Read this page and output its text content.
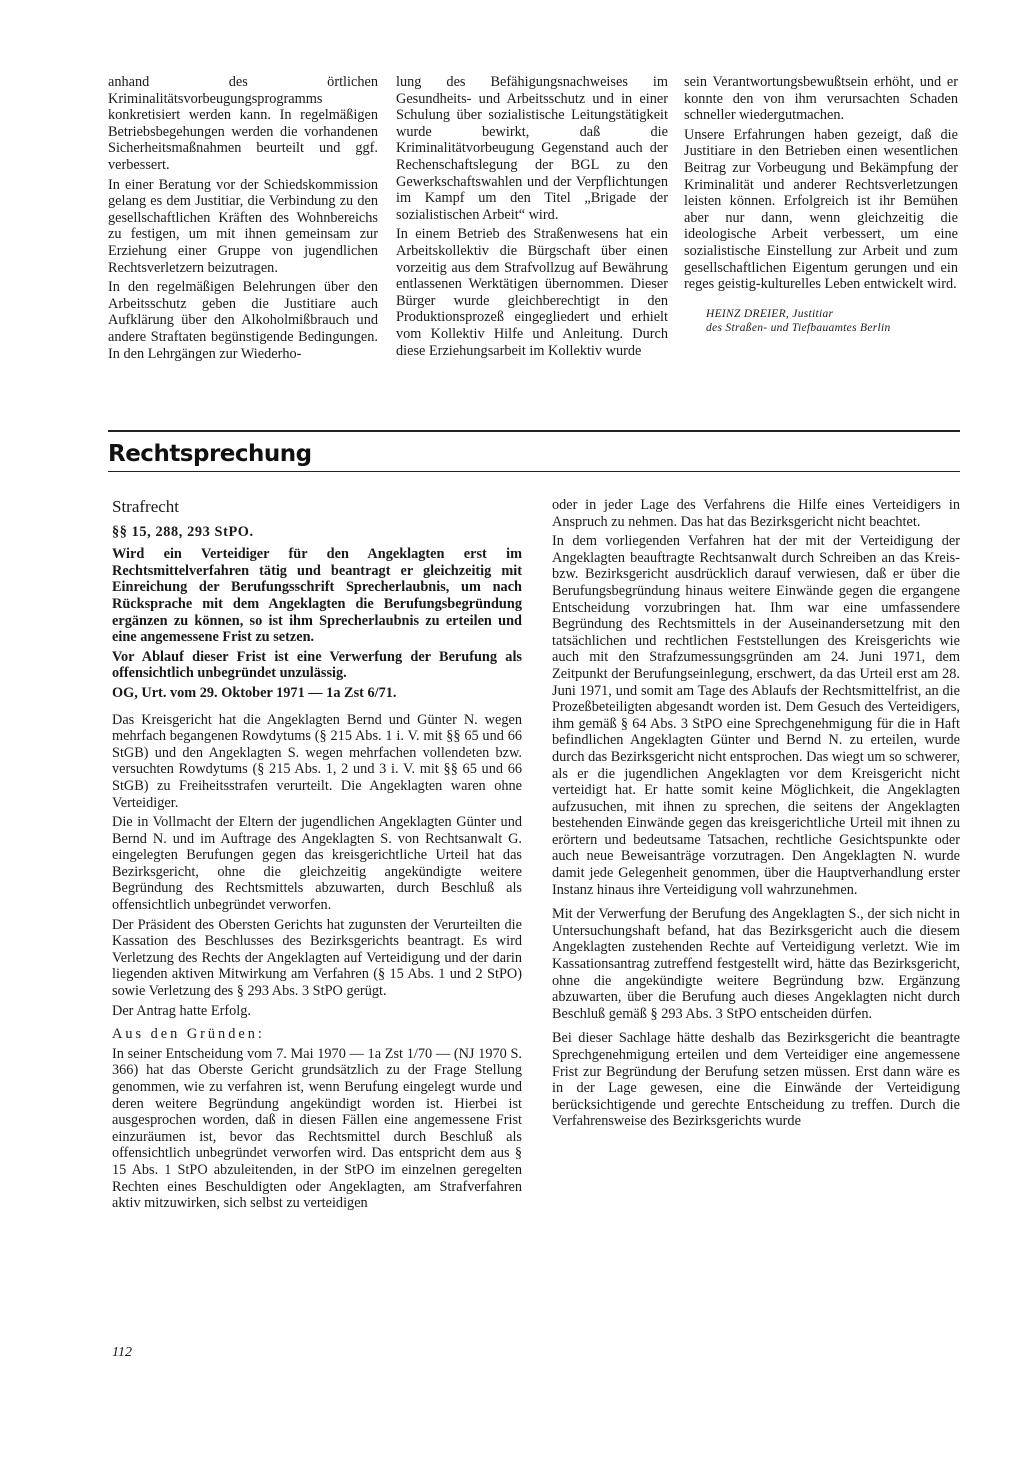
anhand des örtlichen Kriminalitätsvorbeugungsprogramms konkretisiert werden kann. In regelmäßigen Betriebsbegehungen werden die vorhandenen Sicherheitsmaßnahmen beurteilt und ggf. verbessert.

In einer Beratung vor der Schiedskommission gelang es dem Justitiar, die Verbindung zu den gesellschaftlichen Kräften des Wohnbereichs zu festigen, um mit ihnen gemeinsam zur Erziehung einer Gruppe von jugendlichen Rechtsverletzern beizutragen.

In den regelmäßigen Belehrungen über den Arbeitsschutz geben die Justitiare auch Aufklärung über den Alkoholmißbrauch und andere Straftaten begünstigende Bedingungen. In den Lehrgängen zur Wiederho-

lung des Befähigungsnachweises im Gesundheits- und Arbeitsschutz und in einer Schulung über sozialistische Leitungstätigkeit wurde bewirkt, daß die Kriminalitätvorbeugung Gegenstand auch der Rechenschaftslegung der BGL zu den Gewerkschaftswahlen und der Verpflichtungen im Kampf um den Titel „Brigade der sozialistischen Arbeit“ wird.

In einem Betrieb des Straßenwesens hat ein Arbeitskollektiv die Bürgschaft über einen vorzeitig aus dem Strafvollzug auf Bewährung entlassenen Werktätigen übernommen. Dieser Bürger wurde gleichberechtigt in den Produktionsprozeß eingegliedert und erhielt vom Kollektiv Hilfe und Anleitung. Durch diese Erziehungsarbeit im Kollektiv wurde

sein Verantwortungsbewußtsein erhöht, und er konnte den von ihm verursachten Schaden schneller wiedergutmachen.

Unsere Erfahrungen haben gezeigt, daß die Justitiare in den Betrieben einen wesentlichen Beitrag zur Vorbeugung und Bekämpfung der Kriminalität und anderer Rechtsverletzungen leisten können. Erfolgreich ist ihr Bemühen aber nur dann, wenn gleichzeitig die ideologische Arbeit verbessert, um eine sozialistische Einstellung zur Arbeit und zum gesellschaftlichen Eigentum gerungen und ein reges geistig-kulturelles Leben entwickelt wird.

HEINZ DREIER, Justitiar
des Straßen- und Tiefbauamtes Berlin

Rechtsprechung

Strafrecht

§§ 15, 288, 293 StPO.

Wird ein Verteidiger für den Angeklagten erst im Rechtsmittelverfahren tätig und beantragt er gleichzeitig mit Einreichung der Berufungsschrift Sprecherlaubnis, um nach Rücksprache mit dem Angeklagten die Berufungsbegründung ergänzen zu können, so ist ihm Sprecherlaubnis zu erteilen und eine angemessene Frist zu setzen.

Vor Ablauf dieser Frist ist eine Verwerfung der Berufung als offensichtlich unbegründet unzulässig.

OG, Urt. vom 29. Oktober 1971 — 1a Zst 6/71.

Das Kreisgericht hat die Angeklagten Bernd und Günter N. wegen mehrfach begangenen Rowdytums (§ 215 Abs. 1 i. V. mit §§ 65 und 66 StGB) und den Angeklagten S. wegen mehrfachen vollendeten bzw. versuchten Rowdytums (§ 215 Abs. 1, 2 und 3 i. V. mit §§ 65 und 66 StGB) zu Freiheitsstrafen verurteilt. Die Angeklagten waren ohne Verteidiger.

Die in Vollmacht der Eltern der jugendlichen Angeklagten Günter und Bernd N. und im Auftrage des Angeklagten S. von Rechtsanwalt G. eingelegten Berufungen gegen das kreisgerichtliche Urteil hat das Bezirksgericht, ohne die gleichzeitig angekündigte weitere Begründung des Rechtsmittels abzuwarten, durch Beschluß als offensichtlich unbegründet verworfen.

Der Präsident des Obersten Gerichts hat zugunsten der Verurteilten die Kassation des Beschlusses des Bezirksgerichts beantragt. Es wird Verletzung des Rechts der Angeklagten auf Verteidigung und der darin liegenden aktiven Mitwirkung am Verfahren (§ 15 Abs. 1 und 2 StPO) sowie Verletzung des § 293 Abs. 3 StPO gerügt.

Der Antrag hatte Erfolg.

Aus den Gründen:

In seiner Entscheidung vom 7. Mai 1970 — 1a Zst 1/70 — (NJ 1970 S. 366) hat das Oberste Gericht grundsätzlich zu der Frage Stellung genommen, wie zu verfahren ist, wenn Berufung eingelegt wurde und deren weitere Begründung angekündigt worden ist. Hierbei ist ausgesprochen worden, daß in diesen Fällen eine angemessene Frist einzuräumen ist, bevor das Rechtsmittel durch Beschluß als offensichtlich unbegründet verworfen wird. Das entspricht dem aus § 15 Abs. 1 StPO abzuleitenden, in der StPO im einzelnen geregelten Rechten eines Beschuldigten oder Angeklagten, am Strafverfahren aktiv mitzuwirken, sich selbst zu verteidigen

oder in jeder Lage des Verfahrens die Hilfe eines Verteidigers in Anspruch zu nehmen. Das hat das Bezirksgericht nicht beachtet.

In dem vorliegenden Verfahren hat der mit der Verteidigung der Angeklagten beauftragte Rechtsanwalt durch Schreiben an das Kreis- bzw. Bezirksgericht ausdrücklich darauf verwiesen, daß er über die Berufungsbegründung hinaus weitere Einwände gegen die ergangene Entscheidung vorzubringen hat. Ihm war eine umfassendere Begründung des Rechtsmittels in der Auseinandersetzung mit den tatsächlichen und rechtlichen Feststellungen des Kreisgerichts wie auch mit den Strafzumessungsgründen am 24. Juni 1971, dem Zeitpunkt der Berufungseinlegung, erschwert, da das Urteil erst am 28. Juni 1971, und somit am Tage des Ablaufs der Rechtsmittelfrist, an die Prozeßbeteiligten abgesandt worden ist. Dem Gesuch des Verteidigers, ihm gemäß § 64 Abs. 3 StPO eine Sprechgenehmigung für die in Haft befindlichen Angeklagten Günter und Bernd N. zu erteilen, wurde durch das Bezirksgericht nicht entsprochen. Das wiegt um so schwerer, als er die jugendlichen Angeklagten vor dem Kreisgericht nicht verteidigt hat. Er hatte somit keine Möglichkeit, die Angeklagten aufzusuchen, mit ihnen zu sprechen, die seitens der Angeklagten bestehenden Einwände gegen das kreisgerichtliche Urteil mit ihnen zu erörtern und bedeutsame Tatsachen, rechtliche Gesichtspunkte oder auch neue Beweisanträge vorzutragen. Den Angeklagten N. wurde damit jede Gelegenheit genommen, über die Hauptverhandlung erster Instanz hinaus ihre Verteidigung voll wahrzunehmen.

Mit der Verwerfung der Berufung des Angeklagten S., der sich nicht in Untersuchungshaft befand, hat das Bezirksgericht auch die diesem Angeklagten zustehenden Rechte auf Verteidigung verletzt. Wie im Kassationsantrag zutreffend festgestellt wird, hätte das Bezirksgericht, ohne die angekündigte weitere Begründung bzw. Ergänzung abzuwarten, über die Berufung auch dieses Angeklagten nicht durch Beschluß gemäß § 293 Abs. 3 StPO entscheiden dürfen.

Bei dieser Sachlage hätte deshalb das Bezirksgericht die beantragte Sprechgenehmigung erteilen und dem Verteidiger eine angemessene Frist zur Begründung der Berufung setzen müssen. Erst dann wäre es in der Lage gewesen, eine die Einwände der Verteidigung berücksichtigende und gerechte Entscheidung zu treffen. Durch die Verfahrensweise des Bezirksgerichts wurde

112
